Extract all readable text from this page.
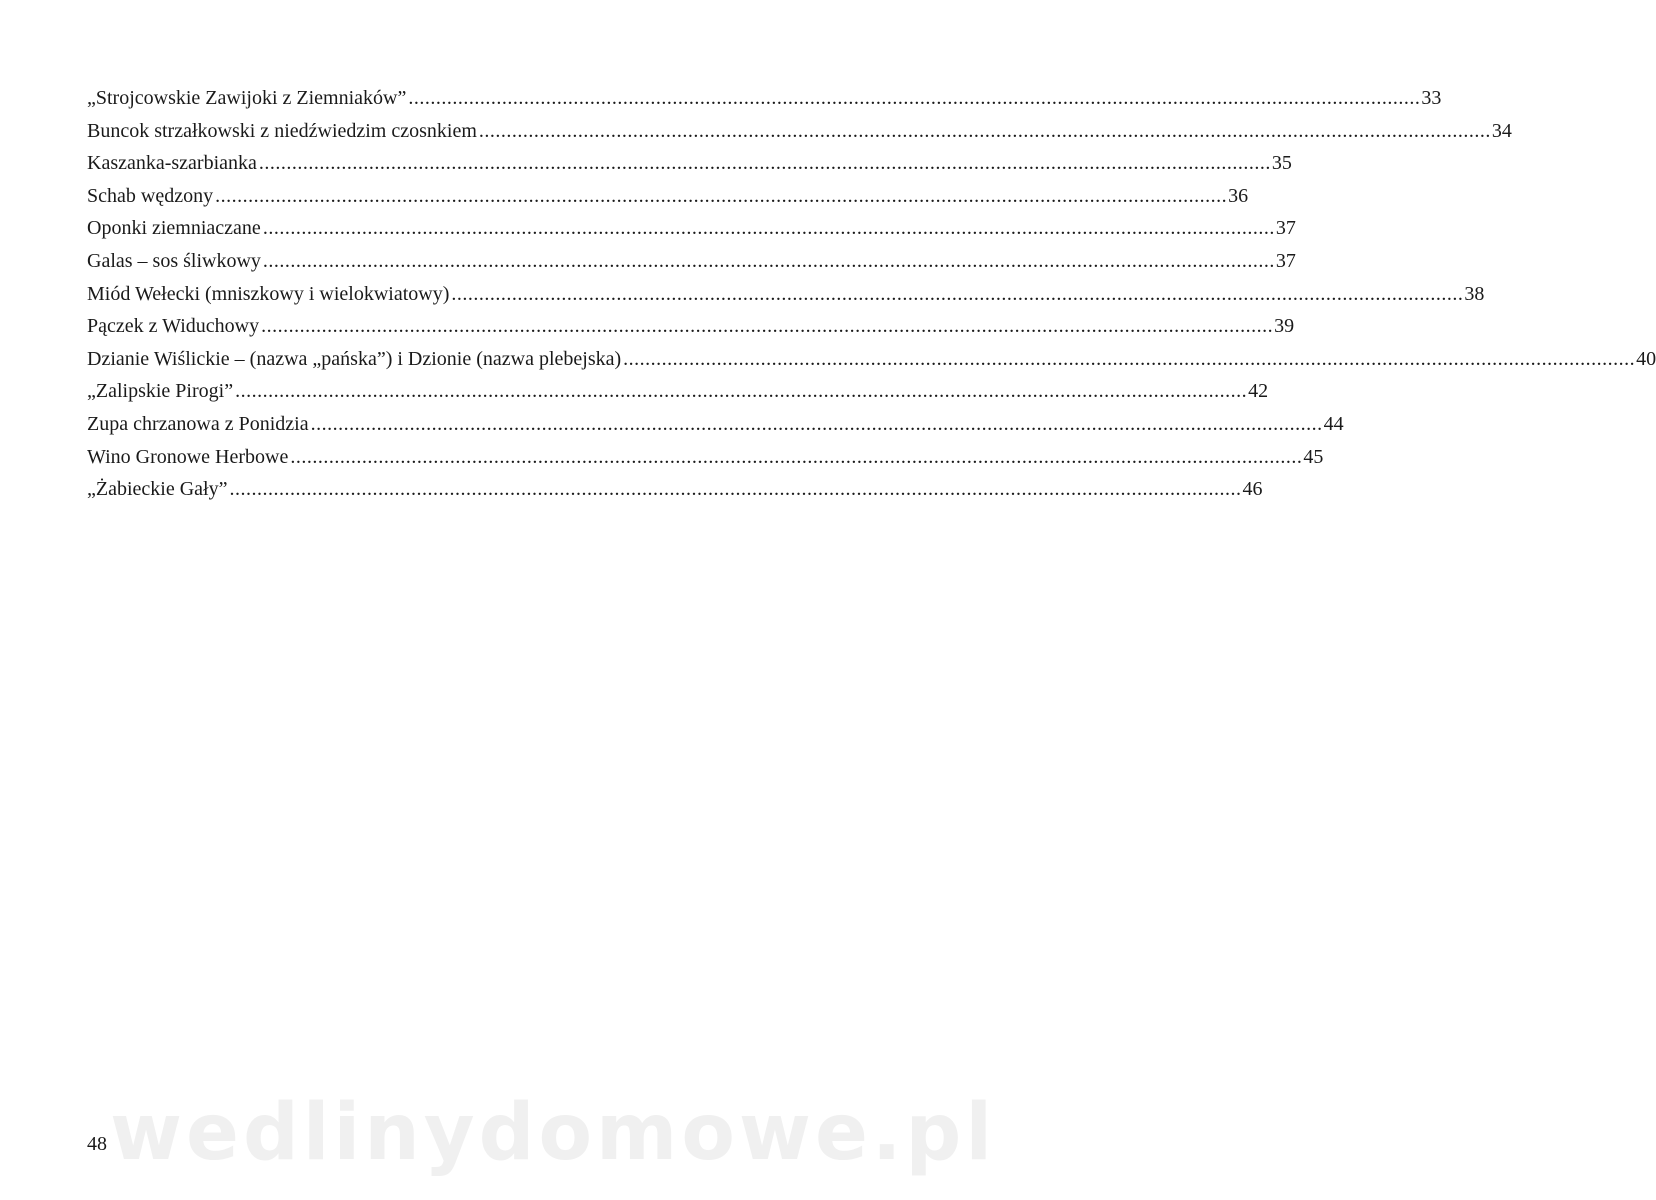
„Strojcowskie Zawijoki z Ziemniaków” .....	33
Buncok strzałkowski z niedźwiedzim czosnkiem .....	34
Kaszanka-szarbianka .....	35
Schab wędzony .....	36
Oponki ziemniaczane .....	37
Galas – sos śliwkowy .....	37
Miód Wełecki (mniszkowy i wielokwiatowy) .....	38
Pączek z Widuchowy .....	39
Dzianie Wiślickie – (nazwa „pańska”) i Dzionie (nazwa plebejska) .....	40
„Zalipskie Pirogi” .....	42
Zupa chrzanowa z Ponidzia .....	44
Wino Gronowe Herbowe .....	45
„Żabieckie Gały” .....	46
wedlinydomowe.pl
48
